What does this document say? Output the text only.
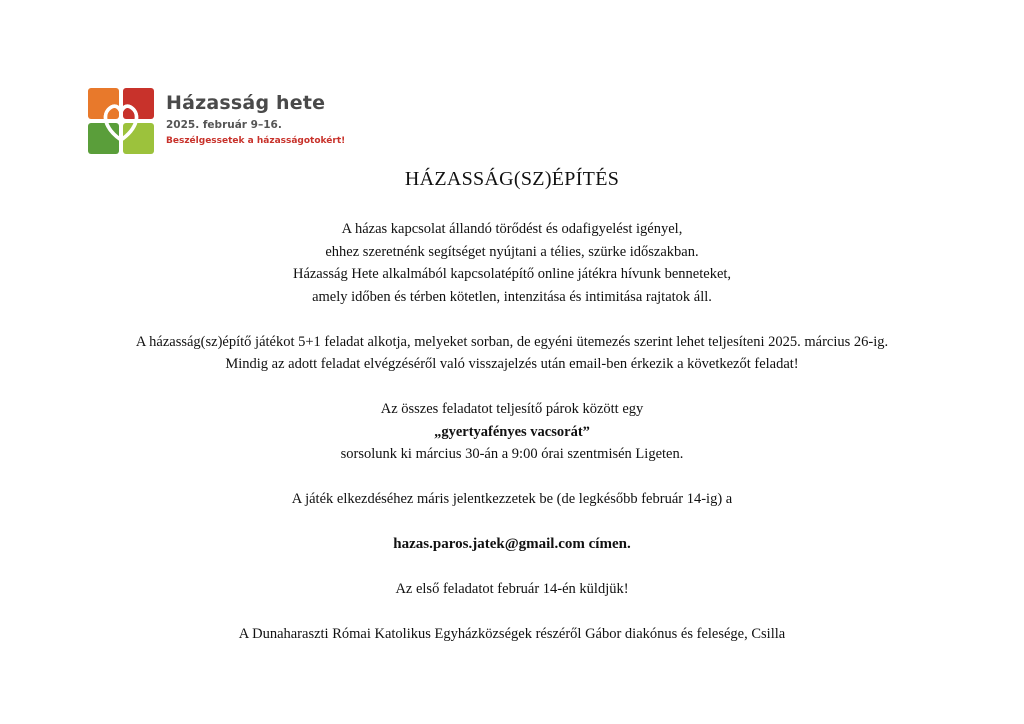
Házasság hete
2025. február 9–16.
Beszélgessetek a házasságotokért!
HÁZASSÁG(SZ)ÉPÍTÉS
A házas kapcsolat állandó törődést és odafigyelést igényel,
ehhez szeretnénk segítséget nyújtani a télies, szürke időszakban.
Házasság Hete alkalmából kapcsolatépítő online játékra hívunk benneteket,
amely időben és térben kötetlen, intenzitása és intimitása rajtatok áll.
A házasság(sz)építő játékot 5+1 feladat alkotja, melyeket sorban, de egyéni ütemezés szerint lehet teljesíteni 2025. március 26-ig.
Mindig az adott feladat elvégzéséről való visszajelzés után email-ben érkezik a következőt feladat!
Az összes feladatot teljesítő párok között egy
„gyertyafényes vacsorát”
sorsolunk ki március 30-án a 9:00 órai szentmisén Ligeten.
A játék elkezdéséhez máris jelentkezzetek be (de legkésőbb február 14-ig) a
hazas.paros.jatek@gmail.com címen.
Az első feladatot február 14-én küldjük!
A Dunaharaszti Római Katolikus Egyházközségek részéről Gábor diakónus és felesége, Csilla
